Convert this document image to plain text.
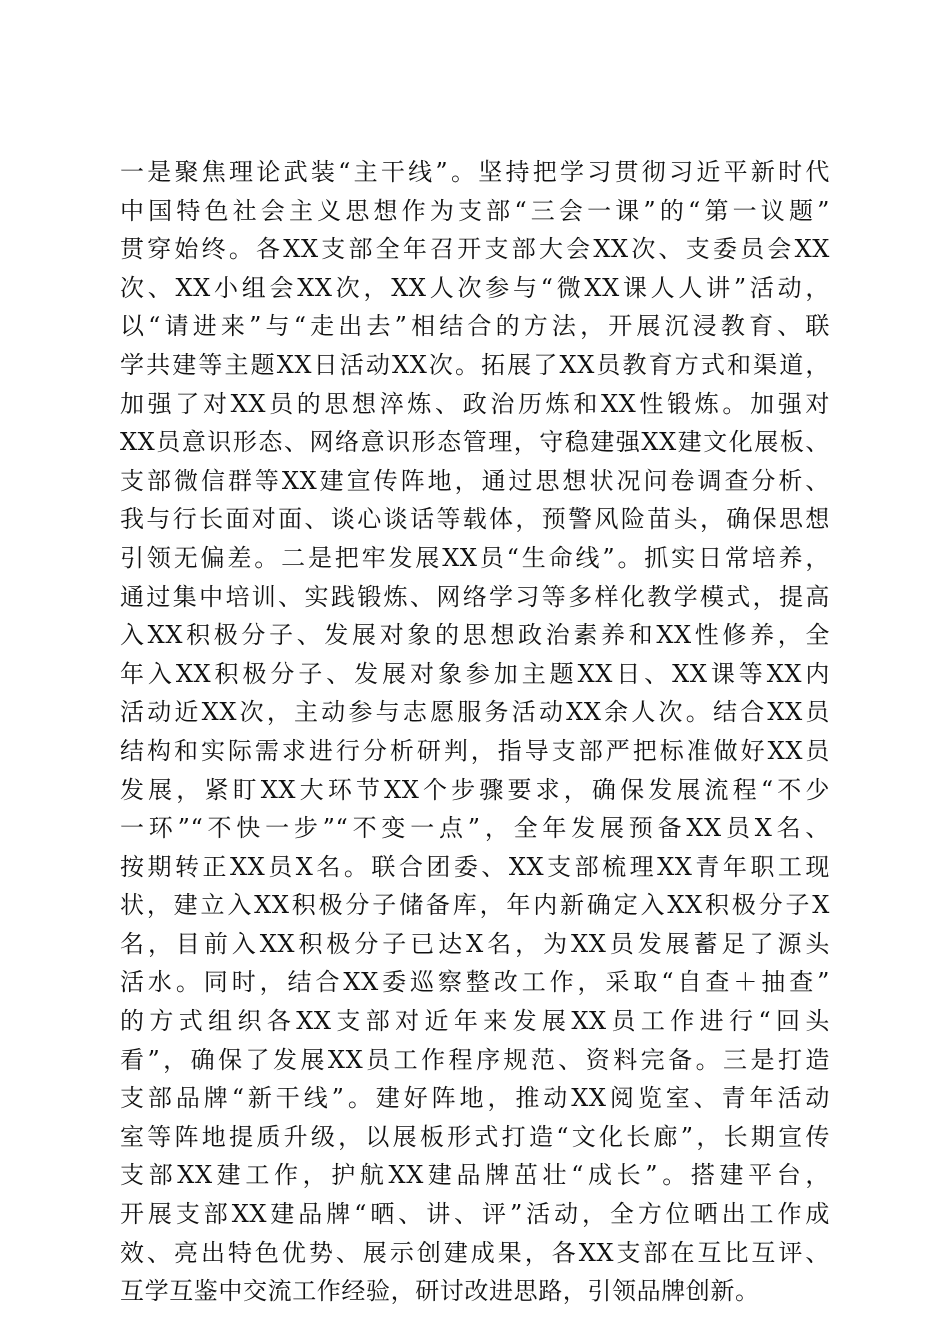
一是聚焦理论武装“主干线”。坚持把学习贯彻习近平新时代
中国特色社会主义思想作为支部“三会一课”的“第一议题”
贯穿始终。各XX支部全年召开支部大会XX次、支委员会XX
次、XX小组会XX次，XX人次参与“微XX课人人讲”活动，
以“请进来”与“走出去”相结合的方法，开展沉浸教育、联
学共建等主题XX日活动XX次。拓展了XX员教育方式和渠道，
加强了对XX员的思想淬炼、政治历炼和XX性锻炼。加强对
XX员意识形态、网络意识形态管理，守稳建强XX建文化展板、
支部微信群等XX建宣传阵地，通过思想状况问卷调查分析、
我与行长面对面、谈心谈话等载体，预警风险苗头，确保思想
引领无偏差。二是把牢发展XX员“生命线”。抓实日常培养，
通过集中培训、实践锻炼、网络学习等多样化教学模式，提高
入XX积极分子、发展对象的思想政治素养和XX性修养，全
年入XX积极分子、发展对象参加主题XX日、XX课等XX内
活动近XX次，主动参与志愿服务活动XX余人次。结合XX员
结构和实际需求进行分析研判，指导支部严把标准做好XX员
发展，紧盯XX大环节XX个步骤要求，确保发展流程“不少
一环”“不快一步”“不变一点”，全年发展预备XX员X名、
按期转正XX员X名。联合团委、XX支部梳理XX青年职工现
状，建立入XX积极分子储备库，年内新确定入XX积极分子X
名，目前入XX积极分子已达X名，为XX员发展蓄足了源头
活水。同时，结合XX委巡察整改工作，采取“自查＋抽查”
的方式组织各XX支部对近年来发展XX员工作进行“回头
看”，确保了发展XX员工作程序规范、资料完备。三是打造
支部品牌“新干线”。建好阵地，推动XX阅览室、青年活动
室等阵地提质升级，以展板形式打造“文化长廊”，长期宣传
支部XX建工作，护航XX建品牌茁壮“成长”。搭建平台，
开展支部XX建品牌“晒、讲、评”活动，全方位晒出工作成
效、亮出特色优势、展示创建成果，各XX支部在互比互评、
互学互鉴中交流工作经验，研讨改进思路，引领品牌创新。
